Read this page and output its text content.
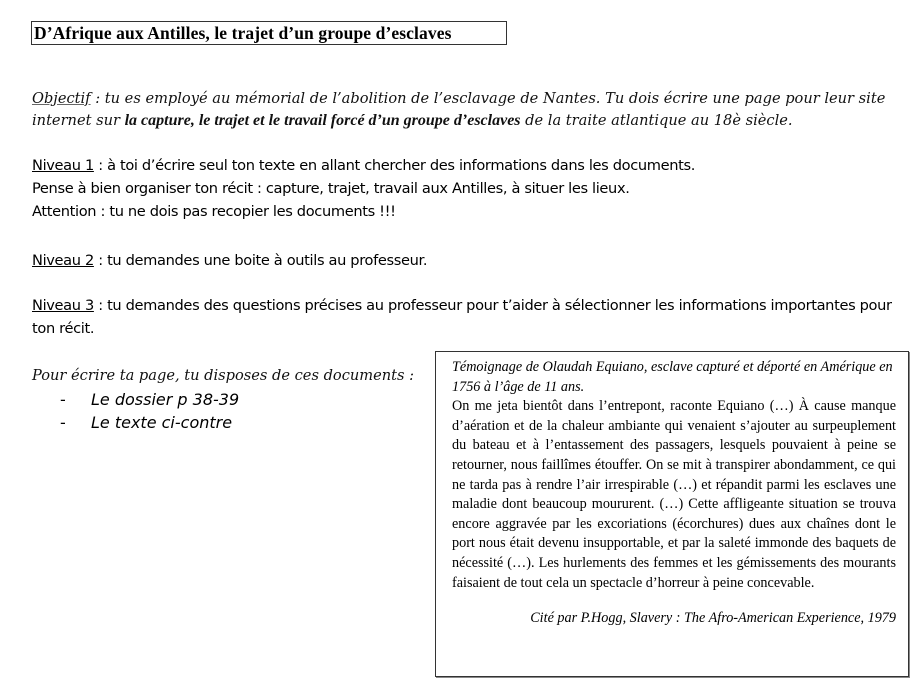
D’Afrique aux Antilles, le trajet d’un groupe d’esclaves
Objectif : tu es employé au mémorial de l’abolition de l’esclavage de Nantes. Tu dois écrire une page pour leur site internet sur la capture, le trajet et le travail forcé d’un groupe d’esclaves de la traite atlantique au 18è siècle.
Niveau 1 : à toi d’écrire seul ton texte en allant chercher des informations dans les documents.
Pense à bien organiser ton récit : capture, trajet, travail aux Antilles, à situer les lieux.
Attention : tu ne dois pas recopier les documents !!!
Niveau 2 : tu demandes une boite à outils au professeur.
Niveau 3 : tu demandes des questions précises au professeur pour t’aider à sélectionner les informations importantes pour ton récit.
Pour écrire ta page, tu disposes de ces documents :
-	Le dossier p 38-39
-	Le texte ci-contre

Témoignage de Olaudah Equiano, esclave capturé et déporté en Amérique en 1756 à l’âge de 11 ans.

On me jeta bientôt dans l’entrepont, raconte Equiano (…) À cause manque d’aération et de la chaleur ambiante qui venaient s’ajouter au surpeuplement du bateau et à l’entassement des passagers, lesquels pouvaient à peine se retourner, nous faillîmes étouffer. On se mit à transpirer abondamment, ce qui ne tarda pas à rendre l’air irrespirable (…) et répandit parmi les esclaves une maladie dont beaucoup moururent. (…) Cette affligeante situation se trouva encore aggravée par les excoriations (écorchures) dues aux chaînes dont le port nous était devenu insupportable, et par la saleté immonde des baquets de nécessité (…). Les hurlements des femmes et les gémissements des mourants faisaient de tout cela un spectacle d’horreur à peine concevable.

Cité par P.Hogg, Slavery : The Afro-American Experience, 1979
